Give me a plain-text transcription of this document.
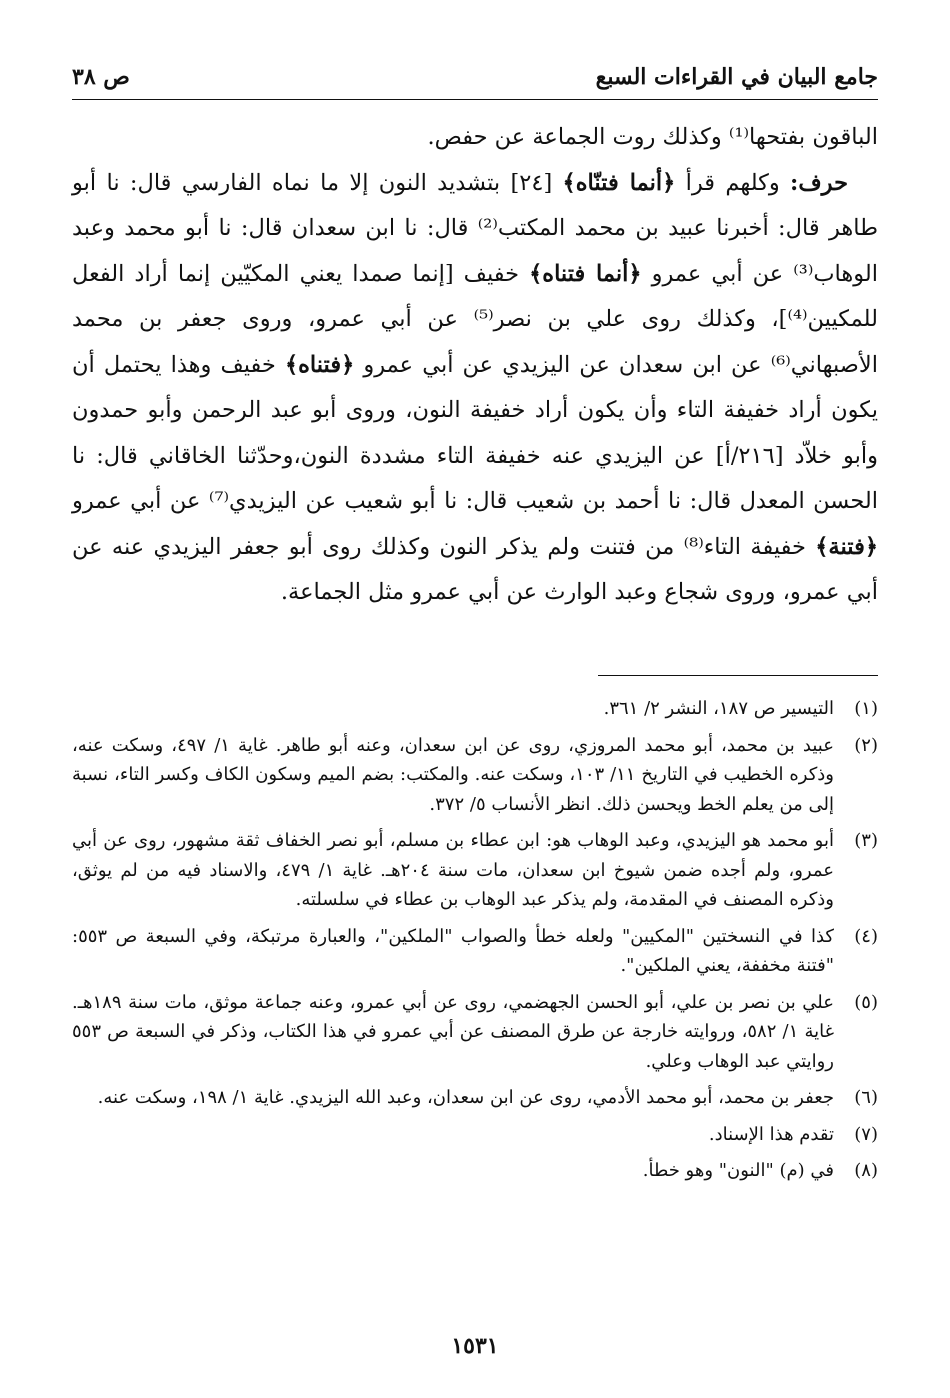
جامع البيان في القراءات السبع
ص ٣٨

الباقون بفتحها⁽¹⁾ وكذلك روت الجماعة عن حفص.

حرف: وكلهم قرأ ﴿أنما فتنّاه﴾ [٢٤] بتشديد النون إلا ما نماه الفارسي قال: نا أبو طاهر قال: أخبرنا عبيد بن محمد المكتب⁽²⁾ قال: نا ابن سعدان قال: نا أبو محمد وعبد الوهاب⁽³⁾ عن أبي عمرو ﴿أنما فتناه﴾ خفيف [إنما صمدا يعني المكيّين إنما أراد الفعل للمكيين⁽⁴⁾]، وكذلك روى علي بن نصر⁽⁵⁾ عن أبي عمرو، وروى جعفر بن محمد الأصبهاني⁽⁶⁾ عن ابن سعدان عن اليزيدي عن أبي عمرو ﴿فتناه﴾ خفيف وهذا يحتمل أن يكون أراد خفيفة التاء وأن يكون أراد خفيفة النون، وروى أبو عبد الرحمن وأبو حمدون وأبو خلاّد [٢١٦/أ] عن اليزيدي عنه خفيفة التاء مشددة النون،وحدّثنا الخاقاني قال: نا الحسن المعدل قال: نا أحمد بن شعيب قال: نا أبو شعيب عن اليزيدي⁽⁷⁾ عن أبي عمرو ﴿فتنة﴾ خفيفة التاء⁽⁸⁾ من فتنت ولم يذكر النون وكذلك روى أبو جعفر اليزيدي عنه عن أبي عمرو، وروى شجاع وعبد الوارث عن أبي عمرو مثل الجماعة.

(١)
التيسير ص ١٨٧، النشر ٢/ ٣٦١.
(٢)
عبيد بن محمد، أبو محمد المروزي، روى عن ابن سعدان، وعنه أبو طاهر. غاية ١/ ٤٩٧، وسكت عنه، وذكره الخطيب في التاريخ ١١/ ١٠٣، وسكت عنه. والمكتب: بضم الميم وسكون الكاف وكسر التاء، نسبة إلى من يعلم الخط ويحسن ذلك. انظر الأنساب ٥/ ٣٧٢.
(٣)
أبو محمد هو اليزيدي، وعبد الوهاب هو: ابن عطاء بن مسلم، أبو نصر الخفاف ثقة مشهور، روى عن أبي عمرو، ولم أجده ضمن شيوخ ابن سعدان، مات سنة ٢٠٤هـ. غاية ١/ ٤٧٩، والاسناد فيه من لم يوثق، وذكره المصنف في المقدمة، ولم يذكر عبد الوهاب بن عطاء في سلسلته.
(٤)
كذا في النسختين "المكيين" ولعله خطأ والصواب "الملكين"، والعبارة مرتبكة، وفي السبعة ص ٥٥٣: "فتنة مخففة، يعني الملكين".
(٥)
علي بن نصر بن علي، أبو الحسن الجهضمي، روى عن أبي عمرو، وعنه جماعة موثق، مات سنة ١٨٩هـ. غاية ١/ ٥٨٢، وروايته خارجة عن طرق المصنف عن أبي عمرو في هذا الكتاب، وذكر في السبعة ص ٥٥٣ روايتي عبد الوهاب وعلي.
(٦)
جعفر بن محمد، أبو محمد الأدمي، روى عن ابن سعدان، وعبد الله اليزيدي. غاية ١/ ١٩٨، وسكت عنه.
(٧)
تقدم هذا الإسناد.
(٨)
في (م) "النون" وهو خطأ.
١٥٣١
